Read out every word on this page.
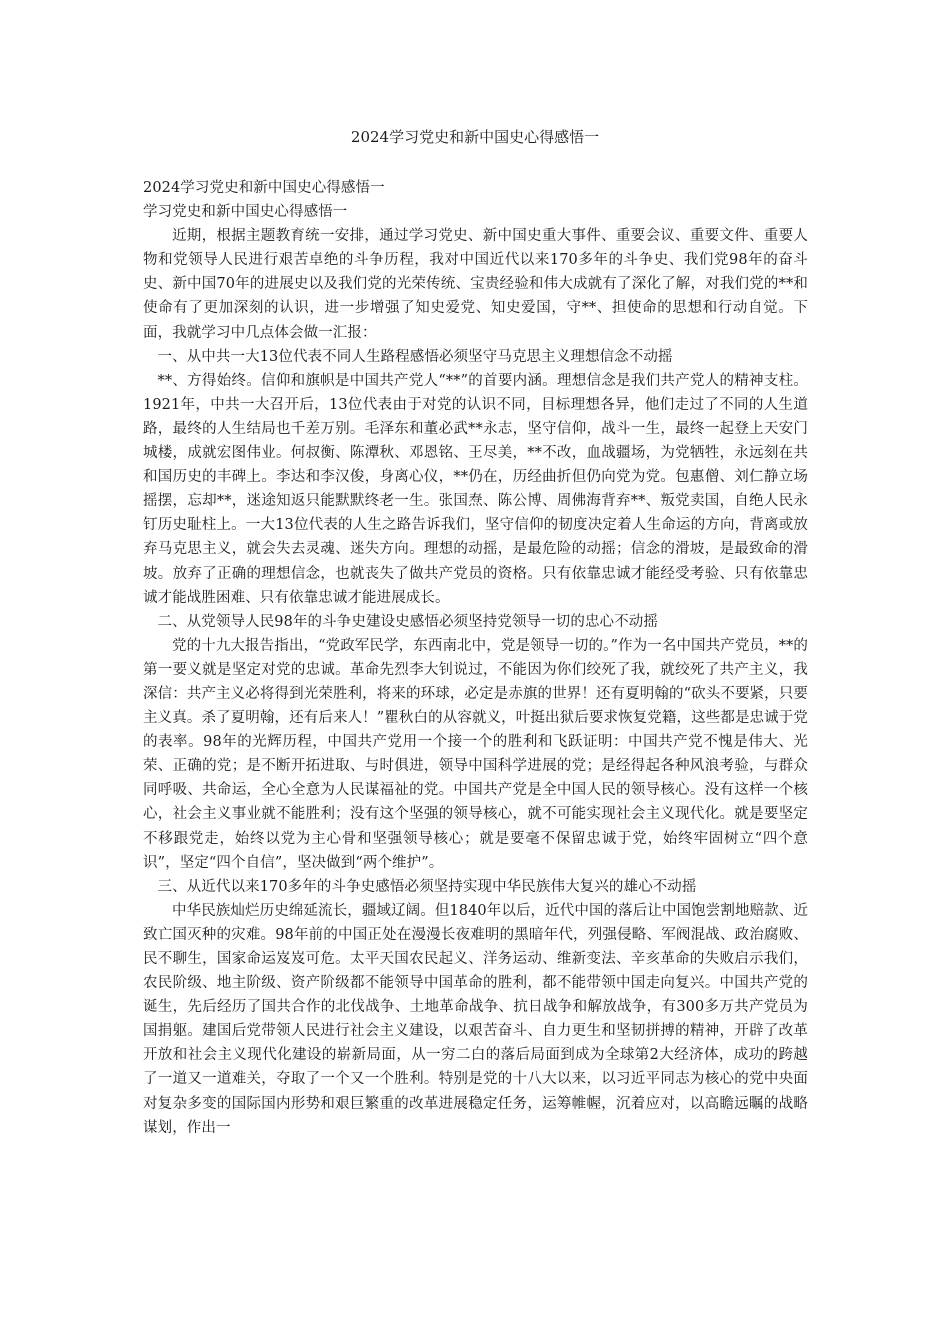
2024学习党史和新中国史心得感悟一

2024学习党史和新中国史心得感悟一

学习党史和新中国史心得感悟一

近期，根据主题教育统一安排，通过学习党史、新中国史重大事件、重要会议、重要文件、重要人物和党领导人民进行艰苦卓绝的斗争历程，我对中国近代以来170多年的斗争史、我们党98年的奋斗史、新中国70年的进展史以及我们党的光荣传统、宝贵经验和伟大成就有了深化了解，对我们党的**和使命有了更加深刻的认识，进一步增强了知史爱党、知史爱国，守**、担使命的思想和行动自觉。下面，我就学习中几点体会做一汇报：

一、从中共一大13位代表不同人生路程感悟必须坚守马克思主义理想信念不动摇

**、方得始终。信仰和旗帜是中国共产党人“**”的首要内涵。理想信念是我们共产党人的精神支柱。1921年，中共一大召开后，13位代表由于对党的认识不同，目标理想各异，他们走过了不同的人生道路，最终的人生结局也千差万别。毛泽东和董必武**永志，坚守信仰，战斗一生，最终一起登上天安门城楼，成就宏图伟业。何叔衡、陈潭秋、邓恩铭、王尽美，**不改，血战疆场，为党牺牲，永远刻在共和国历史的丰碑上。李达和李汉俊，身离心仪，**仍在，历经曲折但仍向党为党。包惠僧、刘仁静立场摇摆，忘却**，迷途知返只能默默终老一生。张国焘、陈公博、周佛海背弃**、叛党卖国，自绝人民永钉历史耻柱上。一大13位代表的人生之路告诉我们，坚守信仰的韧度决定着人生命运的方向，背离或放弃马克思主义，就会失去灵魂、迷失方向。理想的动摇，是最危险的动摇；信念的滑坡，是最致命的滑坡。放弃了正确的理想信念，也就丧失了做共产党员的资格。只有依靠忠诚才能经受考验、只有依靠忠诚才能战胜困难、只有依靠忠诚才能进展成长。

二、从党领导人民98年的斗争史建设史感悟必须坚持党领导一切的忠心不动摇

党的十九大报告指出，“党政军民学，东西南北中，党是领导一切的。”作为一名中国共产党员，**的第一要义就是坚定对党的忠诚。革命先烈李大钊说过，不能因为你们绞死了我，就绞死了共产主义，我深信：共产主义必将得到光荣胜利，将来的环球，必定是赤旗的世界！还有夏明翰的“砍头不要紧，只要主义真。杀了夏明翰，还有后来人！”瞿秋白的从容就义，叶挺出狱后要求恢复党籍，这些都是忠诚于党的表率。98年的光辉历程，中国共产党用一个接一个的胜利和飞跃证明：中国共产党不愧是伟大、光荣、正确的党；是不断开拓进取、与时俱进，领导中国科学进展的党；是经得起各种风浪考验，与群众同呼吸、共命运，全心全意为人民谋福祉的党。中国共产党是全中国人民的领导核心。没有这样一个核心，社会主义事业就不能胜利；没有这个坚强的领导核心，就不可能实现社会主义现代化。就是要坚定不移跟党走，始终以党为主心骨和坚强领导核心；就是要毫不保留忠诚于党，始终牢固树立“四个意识”，坚定“四个自信”，坚决做到“两个维护”。

三、从近代以来170多年的斗争史感悟必须坚持实现中华民族伟大复兴的雄心不动摇

中华民族灿烂历史绵延流长，疆域辽阔。但1840年以后，近代中国的落后让中国饱尝割地赔款、近致亡国灭种的灾难。98年前的中国正处在漫漫长夜难明的黑暗年代，列强侵略、军阀混战、政治腐败、民不聊生，国家命运岌岌可危。太平天国农民起义、洋务运动、维新变法、辛亥革命的失败启示我们，农民阶级、地主阶级、资产阶级都不能领导中国革命的胜利，都不能带领中国走向复兴。中国共产党的诞生，先后经历了国共合作的北伐战争、土地革命战争、抗日战争和解放战争，有300多万共产党员为国捐躯。建国后党带领人民进行社会主义建设，以艰苦奋斗、自力更生和坚韧拼搏的精神，开辟了改革开放和社会主义现代化建设的崭新局面，从一穷二白的落后局面到成为全球第2大经济体，成功的跨越了一道又一道难关，夺取了一个又一个胜利。特别是党的十八大以来，以习近平同志为核心的党中央面对复杂多变的国际国内形势和艰巨繁重的改革进展稳定任务，运筹帷幄，沉着应对，以高瞻远瞩的战略谋划，作出一
